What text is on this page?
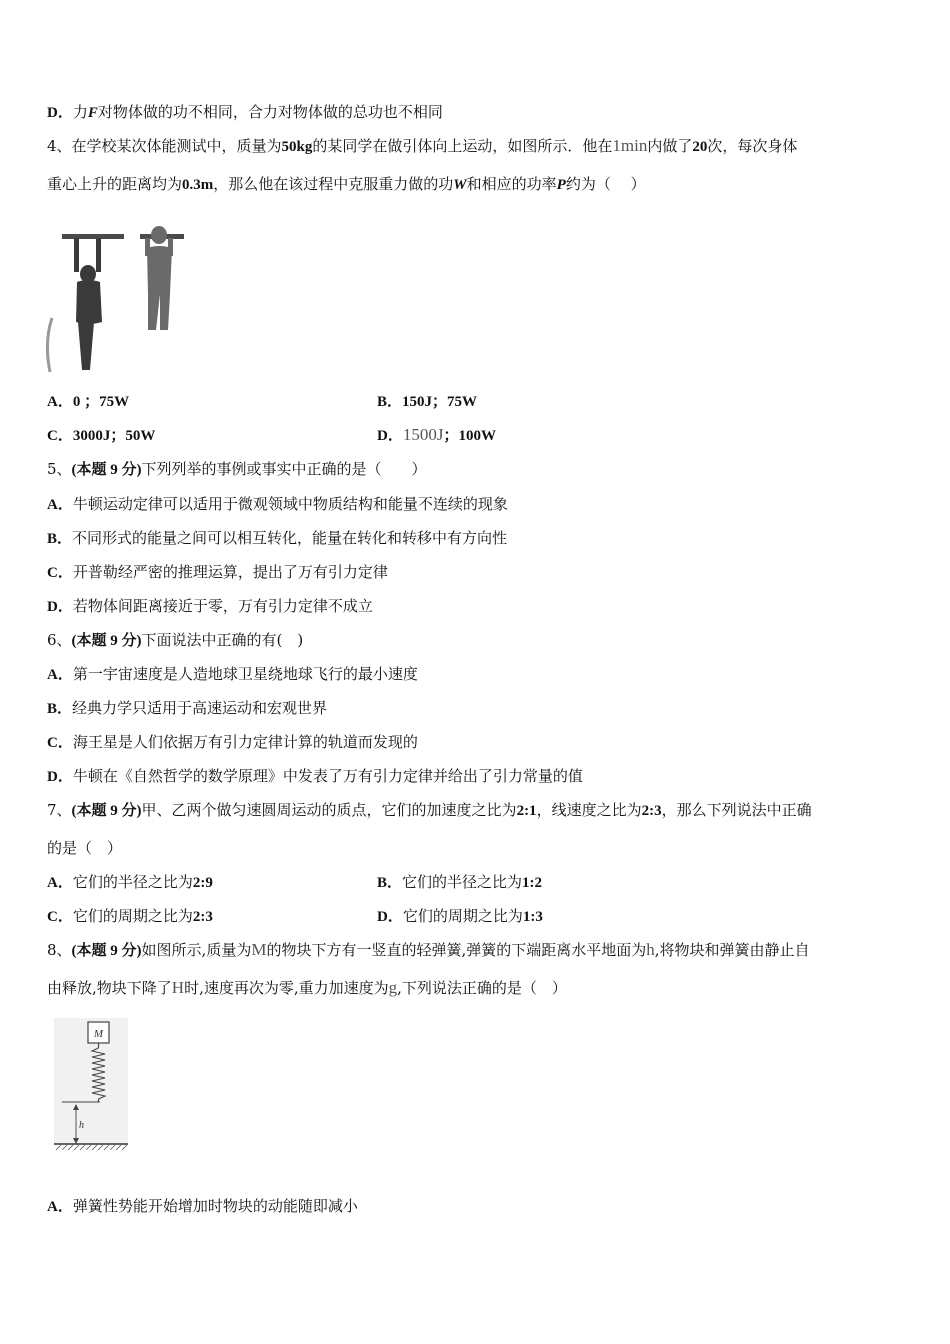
D．力F对物体做的功不相同，合力对物体做的总功也不相同
4、在学校某次体能测试中，质量为50kg的某同学在做引体向上运动，如图所示．他在1min内做了20次，每次身体
重心上升的距离均为0.3m，那么他在该过程中克服重力做的功W和相应的功率P约为（　 ）
A．0 ；75W	B．150J；75W
C．3000J；50W	D．1500J；100W
5、(本题 9 分)下列列举的事例或事实中正确的是（　　）
A．牛顿运动定律可以适用于微观领域中物质结构和能量不连续的现象
B．不同形式的能量之间可以相互转化，能量在转化和转移中有方向性
C．开普勒经严密的推理运算，提出了万有引力定律
D．若物体间距离接近于零，万有引力定律不成立
6、(本题 9 分)下面说法中正确的有(　)
A．第一宇宙速度是人造地球卫星绕地球飞行的最小速度
B．经典力学只适用于高速运动和宏观世界
C．海王星是人们依据万有引力定律计算的轨道而发现的
D．牛顿在《自然哲学的数学原理》中发表了万有引力定律并给出了引力常量的值
7、(本题 9 分)甲、乙两个做匀速圆周运动的质点，它们的加速度之比为2:1，线速度之比为2:3，那么下列说法中正确
的是（　）
A．它们的半径之比为2:9	B．它们的半径之比为1:2
C．它们的周期之比为2:3	D．它们的周期之比为1:3
8、(本题 9 分)如图所示,质量为M的物块下方有一竖直的轻弹簧,弹簧的下端距离水平地面为h,将物块和弹簧由静止自
由释放,物块下降了H时,速度再次为零,重力加速度为g,下列说法正确的是（　）
M
h
A．弹簧性势能开始增加时物块的动能随即减小
